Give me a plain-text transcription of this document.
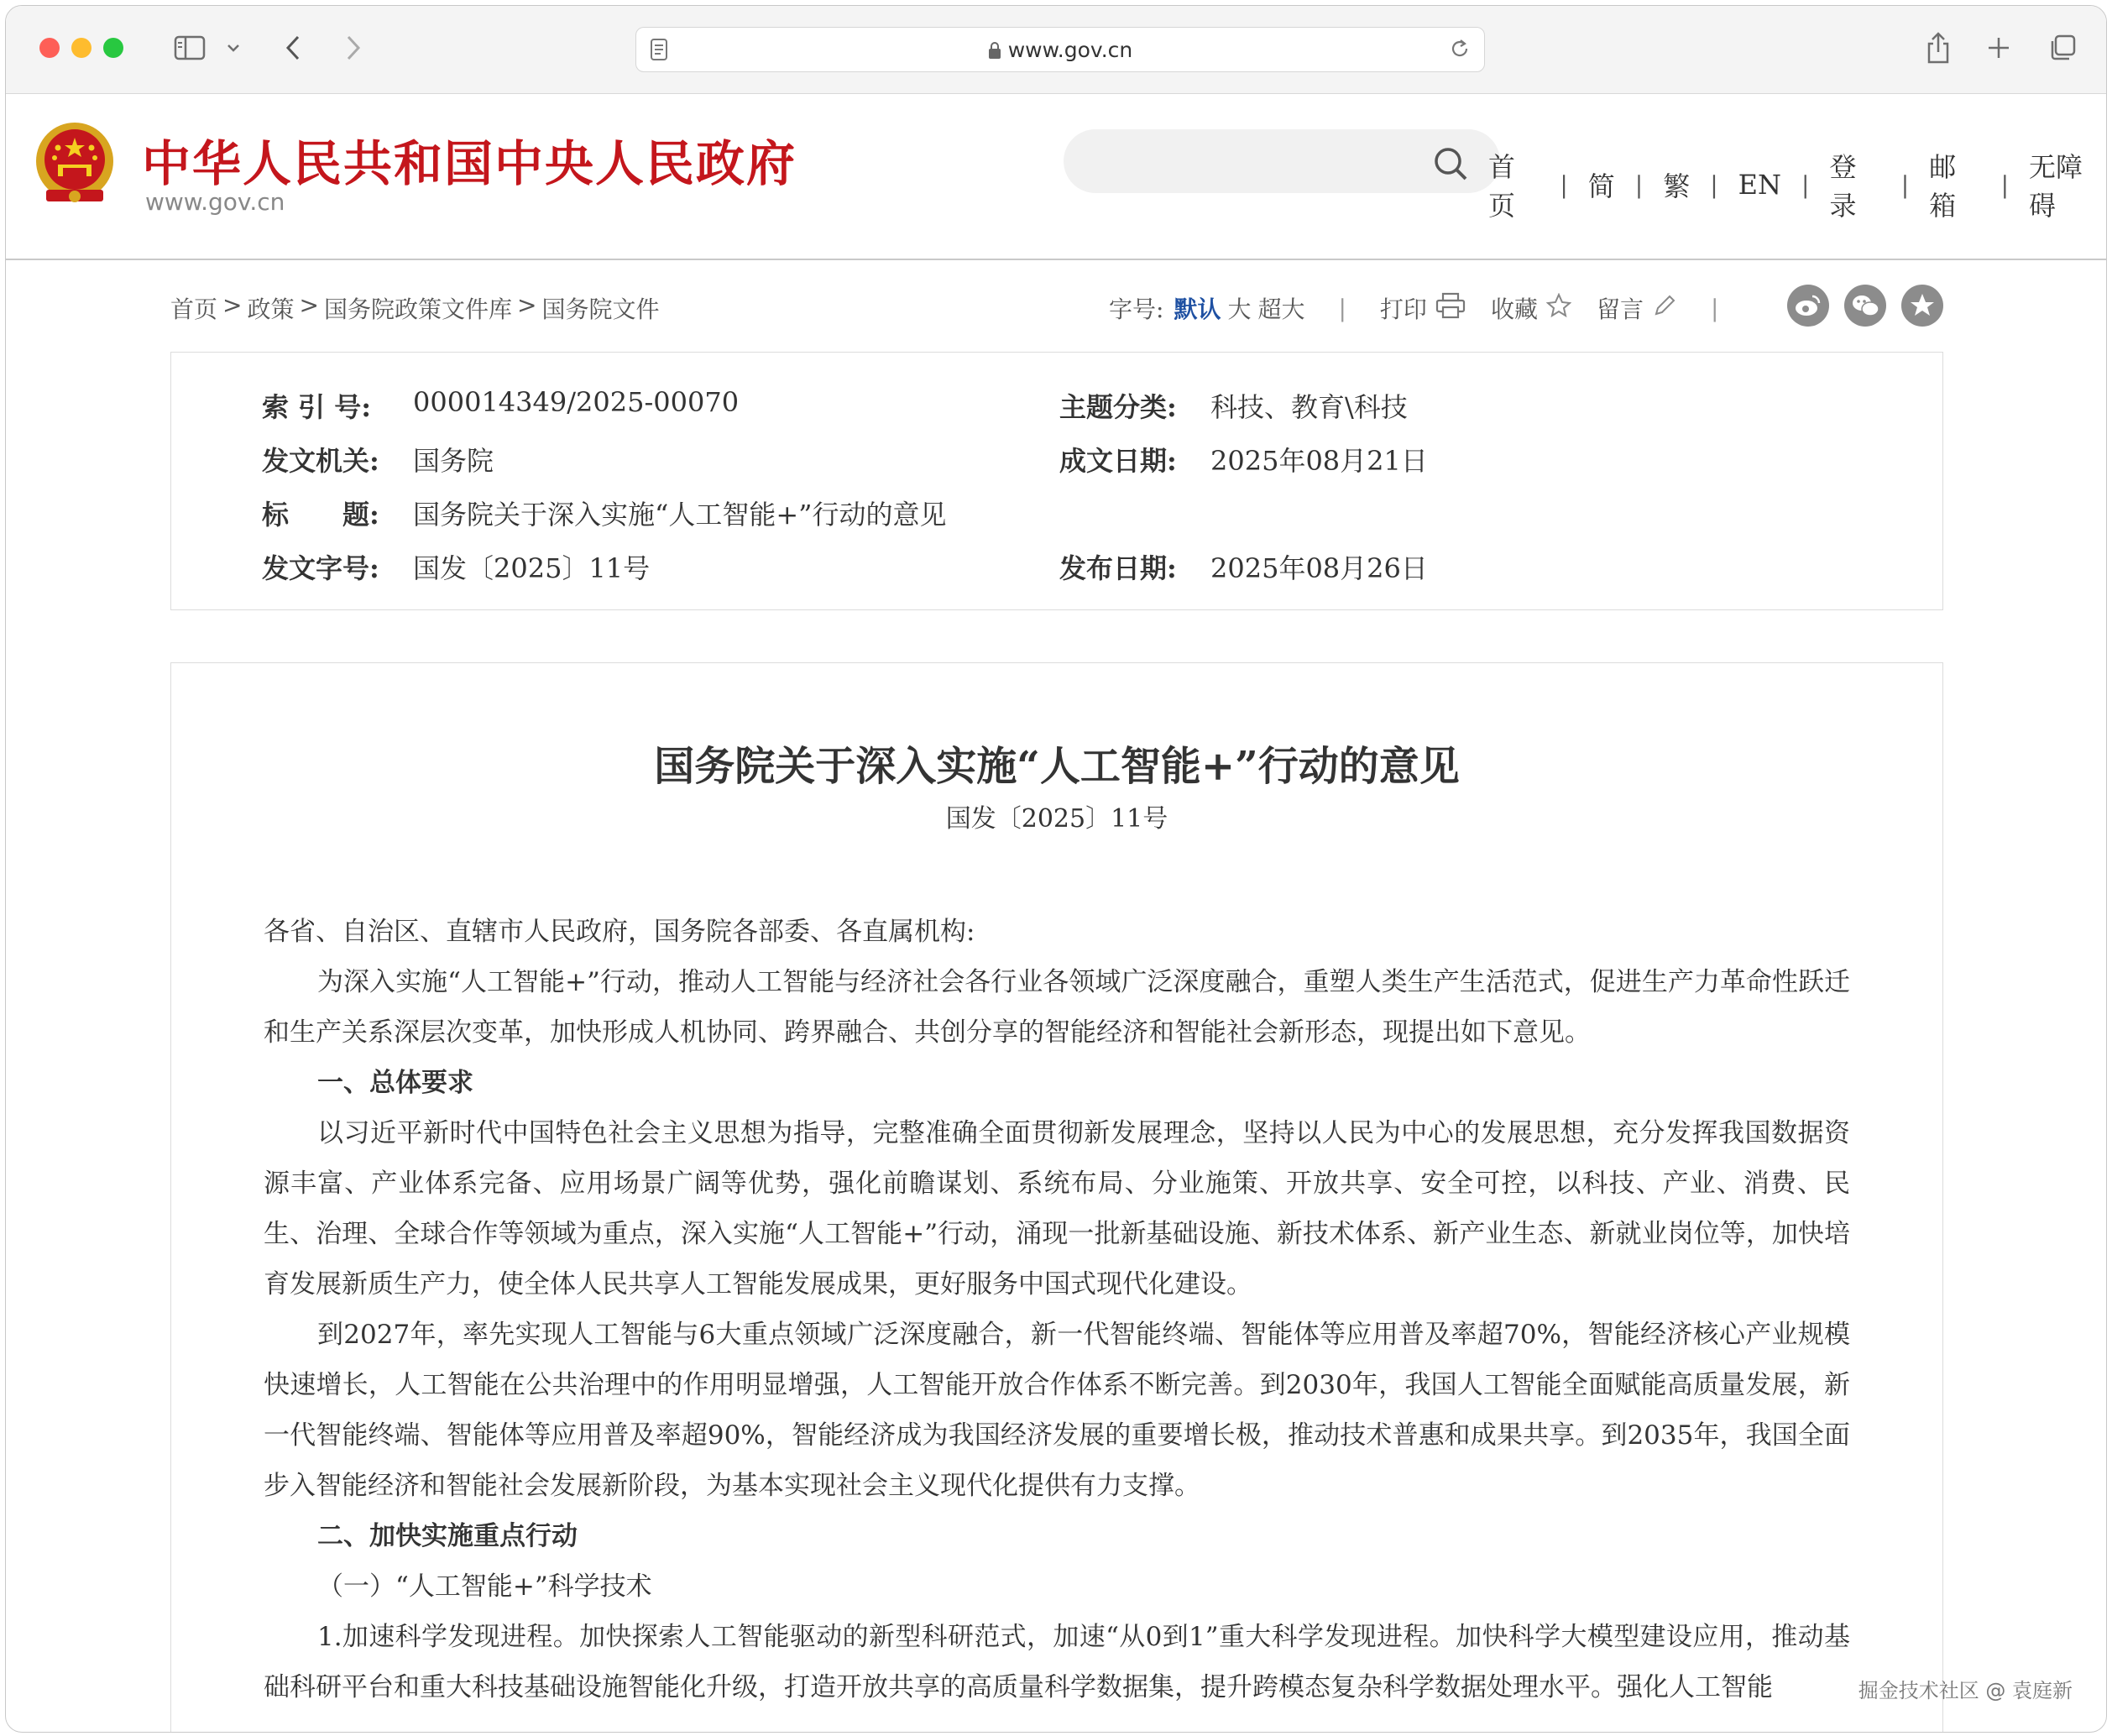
www.gov.cn
中华人民共和国中央人民政府
www.gov.cn
首页
| 简 | 繁 | EN |
登录
|
邮箱
|
无障碍
首页 > 政策 > 国务院政策文件库 > 国务院文件	字号: 默认 大 超大 | 打印	收藏	留言	|
索 引 号:	000014349/2025-00070	主题分类:	科技、教育\科技
发文机关:	国务院	成文日期:	2025年08月21日
标　　题:	国务院关于深入实施“人工智能+”行动的意见
发文字号:	国发〔2025〕11号	发布日期:	2025年08月26日
国务院关于深入实施“人工智能+”行动的意见
国发〔2025〕11号

各省、自治区、直辖市人民政府，国务院各部委、各直属机构:

为深入实施“人工智能+”行动，推动人工智能与经济社会各行业各领域广泛深度融合，重塑人类生产生活范式，促进生产力革命性跃迁和生产关系深层次变革，加快形成人机协同、跨界融合、共创分享的智能经济和智能社会新形态，现提出如下意见。

一、总体要求

以习近平新时代中国特色社会主义思想为指导，完整准确全面贯彻新发展理念，坚持以人民为中心的发展思想，充分发挥我国数据资源丰富、产业体系完备、应用场景广阔等优势，强化前瞻谋划、系统布局、分业施策、开放共享、安全可控，以科技、产业、消费、民生、治理、全球合作等领域为重点，深入实施“人工智能+”行动，涌现一批新基础设施、新技术体系、新产业生态、新就业岗位等，加快培育发展新质生产力，使全体人民共享人工智能发展成果，更好服务中国式现代化建设。

到2027年，率先实现人工智能与6大重点领域广泛深度融合，新一代智能终端、智能体等应用普及率超70%，智能经济核心产业规模快速增长，人工智能在公共治理中的作用明显增强，人工智能开放合作体系不断完善。到2030年，我国人工智能全面赋能高质量发展，新一代智能终端、智能体等应用普及率超90%，智能经济成为我国经济发展的重要增长极，推动技术普惠和成果共享。到2035年，我国全面步入智能经济和智能社会发展新阶段，为基本实现社会主义现代化提供有力支撑。

二、加快实施重点行动

（一）“人工智能+”科学技术

1.加速科学发现进程。加快探索人工智能驱动的新型科研范式，加速“从0到1”重大科学发现进程。加快科学大模型建设应用，推动基础科研平台和重大科技基础设施智能化升级，打造开放共享的高质量科学数据集，提升跨模态复杂科学数据处理水平。强化人工智能	掘金技术社区 @ 袁庭新
